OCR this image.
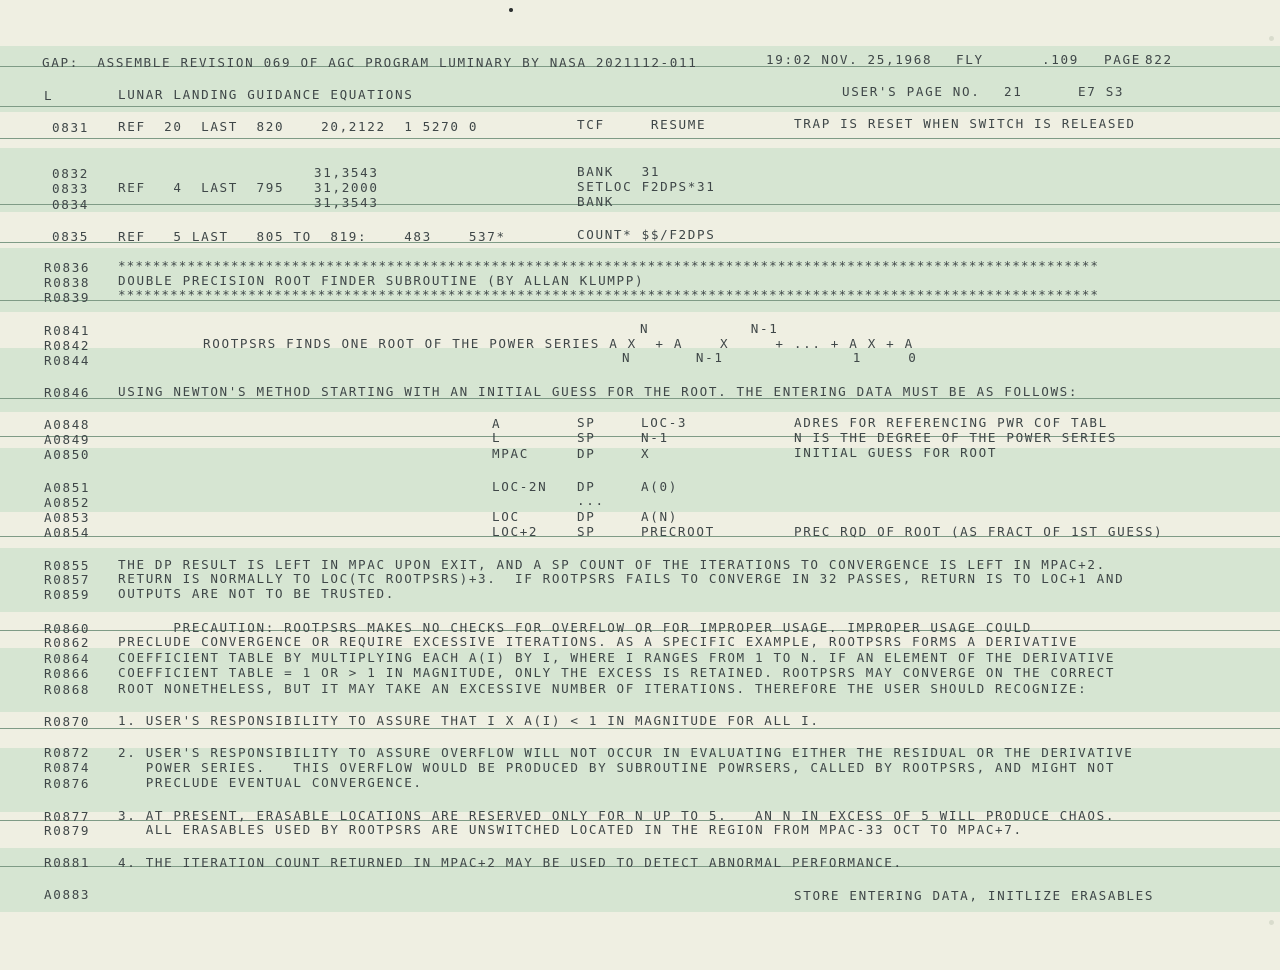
GAP:  ASSEMBLE REVISION 069 OF AGC PROGRAM LUMINARY BY NASA 2021112-011	19:02 NOV. 25,1968 FLY	.109 PAGE 822
L	LUNAR LANDING GUIDANCE EQUATIONS	USER'S PAGE NO. 21	E7 S3
0831 REF  20  LAST  820    20,2122  1 5270 0	TCF     RESUME	TRAP IS RESET WHEN SWITCH IS RELEASED
0832	31,3543	BANK   31
0833 REF   4  LAST  795 31,2000	SETLOC F2DPS*31
0834	31,3543	BANK
0835 REF   5 LAST   805 TO  819:    483    537*	COUNT* $$/F2DPS
R0836 *****************************************************************************************************************
R0838 DOUBLE PRECISION ROOT FINDER SUBROUTINE (BY ALLAN KLUMPP)
R0839 *****************************************************************************************************************
R0841	N           N-1
R0842	ROOTPSRS FINDS ONE ROOT OF THE POWER SERIES A X  + A    X     + ... + A X + A
R0844	N       N-1              1     0
R0846 USING NEWTON'S METHOD STARTING WITH AN INITIAL GUESS FOR THE ROOT. THE ENTERING DATA MUST BE AS FOLLOWS:
A0848	A	SP	LOC-3	ADRES FOR REFERENCING PWR COF TABL
A0849	L	SP	N-1	N IS THE DEGREE OF THE POWER SERIES
A0850	MPAC	DP	X	INITIAL GUESS FOR ROOT
A0851	LOC-2N DP	A(0)
A0852	...
A0853	LOC	DP	A(N)
A0854	LOC+2	SP	PRECROOT	PREC RQD OF ROOT (AS FRACT OF 1ST GUESS)
R0855 THE DP RESULT IS LEFT IN MPAC UPON EXIT, AND A SP COUNT OF THE ITERATIONS TO CONVERGENCE IS LEFT IN MPAC+2.
R0857 RETURN IS NORMALLY TO LOC(TC ROOTPSRS)+3.  IF ROOTPSRS FAILS TO CONVERGE IN 32 PASSES, RETURN IS TO LOC+1 AND
R0859 OUTPUTS ARE NOT TO BE TRUSTED.
R0860 PRECAUTION: ROOTPSRS MAKES NO CHECKS FOR OVERFLOW OR FOR IMPROPER USAGE. IMPROPER USAGE COULD
R0862 PRECLUDE CONVERGENCE OR REQUIRE EXCESSIVE ITERATIONS. AS A SPECIFIC EXAMPLE, ROOTPSRS FORMS A DERIVATIVE
R0864 COEFFICIENT TABLE BY MULTIPLYING EACH A(I) BY I, WHERE I RANGES FROM 1 TO N. IF AN ELEMENT OF THE DERIVATIVE
R0866 COEFFICIENT TABLE = 1 OR > 1 IN MAGNITUDE, ONLY THE EXCESS IS RETAINED. ROOTPSRS MAY CONVERGE ON THE CORRECT
R0868 ROOT NONETHELESS, BUT IT MAY TAKE AN EXCESSIVE NUMBER OF ITERATIONS. THEREFORE THE USER SHOULD RECOGNIZE:
R0870 1. USER'S RESPONSIBILITY TO ASSURE THAT I X A(I) < 1 IN MAGNITUDE FOR ALL I.
R0872 2. USER'S RESPONSIBILITY TO ASSURE OVERFLOW WILL NOT OCCUR IN EVALUATING EITHER THE RESIDUAL OR THE DERIVATIVE
R0874 POWER SERIES.   THIS OVERFLOW WOULD BE PRODUCED BY SUBROUTINE POWRSERS, CALLED BY ROOTPSRS, AND MIGHT NOT
R0876 PRECLUDE EVENTUAL CONVERGENCE.
R0877 3. AT PRESENT, ERASABLE LOCATIONS ARE RESERVED ONLY FOR N UP TO 5.   AN N IN EXCESS OF 5 WILL PRODUCE CHAOS.
R0879 ALL ERASABLES USED BY ROOTPSRS ARE UNSWITCHED LOCATED IN THE REGION FROM MPAC-33 OCT TO MPAC+7.
R0881 4. THE ITERATION COUNT RETURNED IN MPAC+2 MAY BE USED TO DETECT ABNORMAL PERFORMANCE.
A0883	STORE ENTERING DATA, INITLIZE ERASABLES
